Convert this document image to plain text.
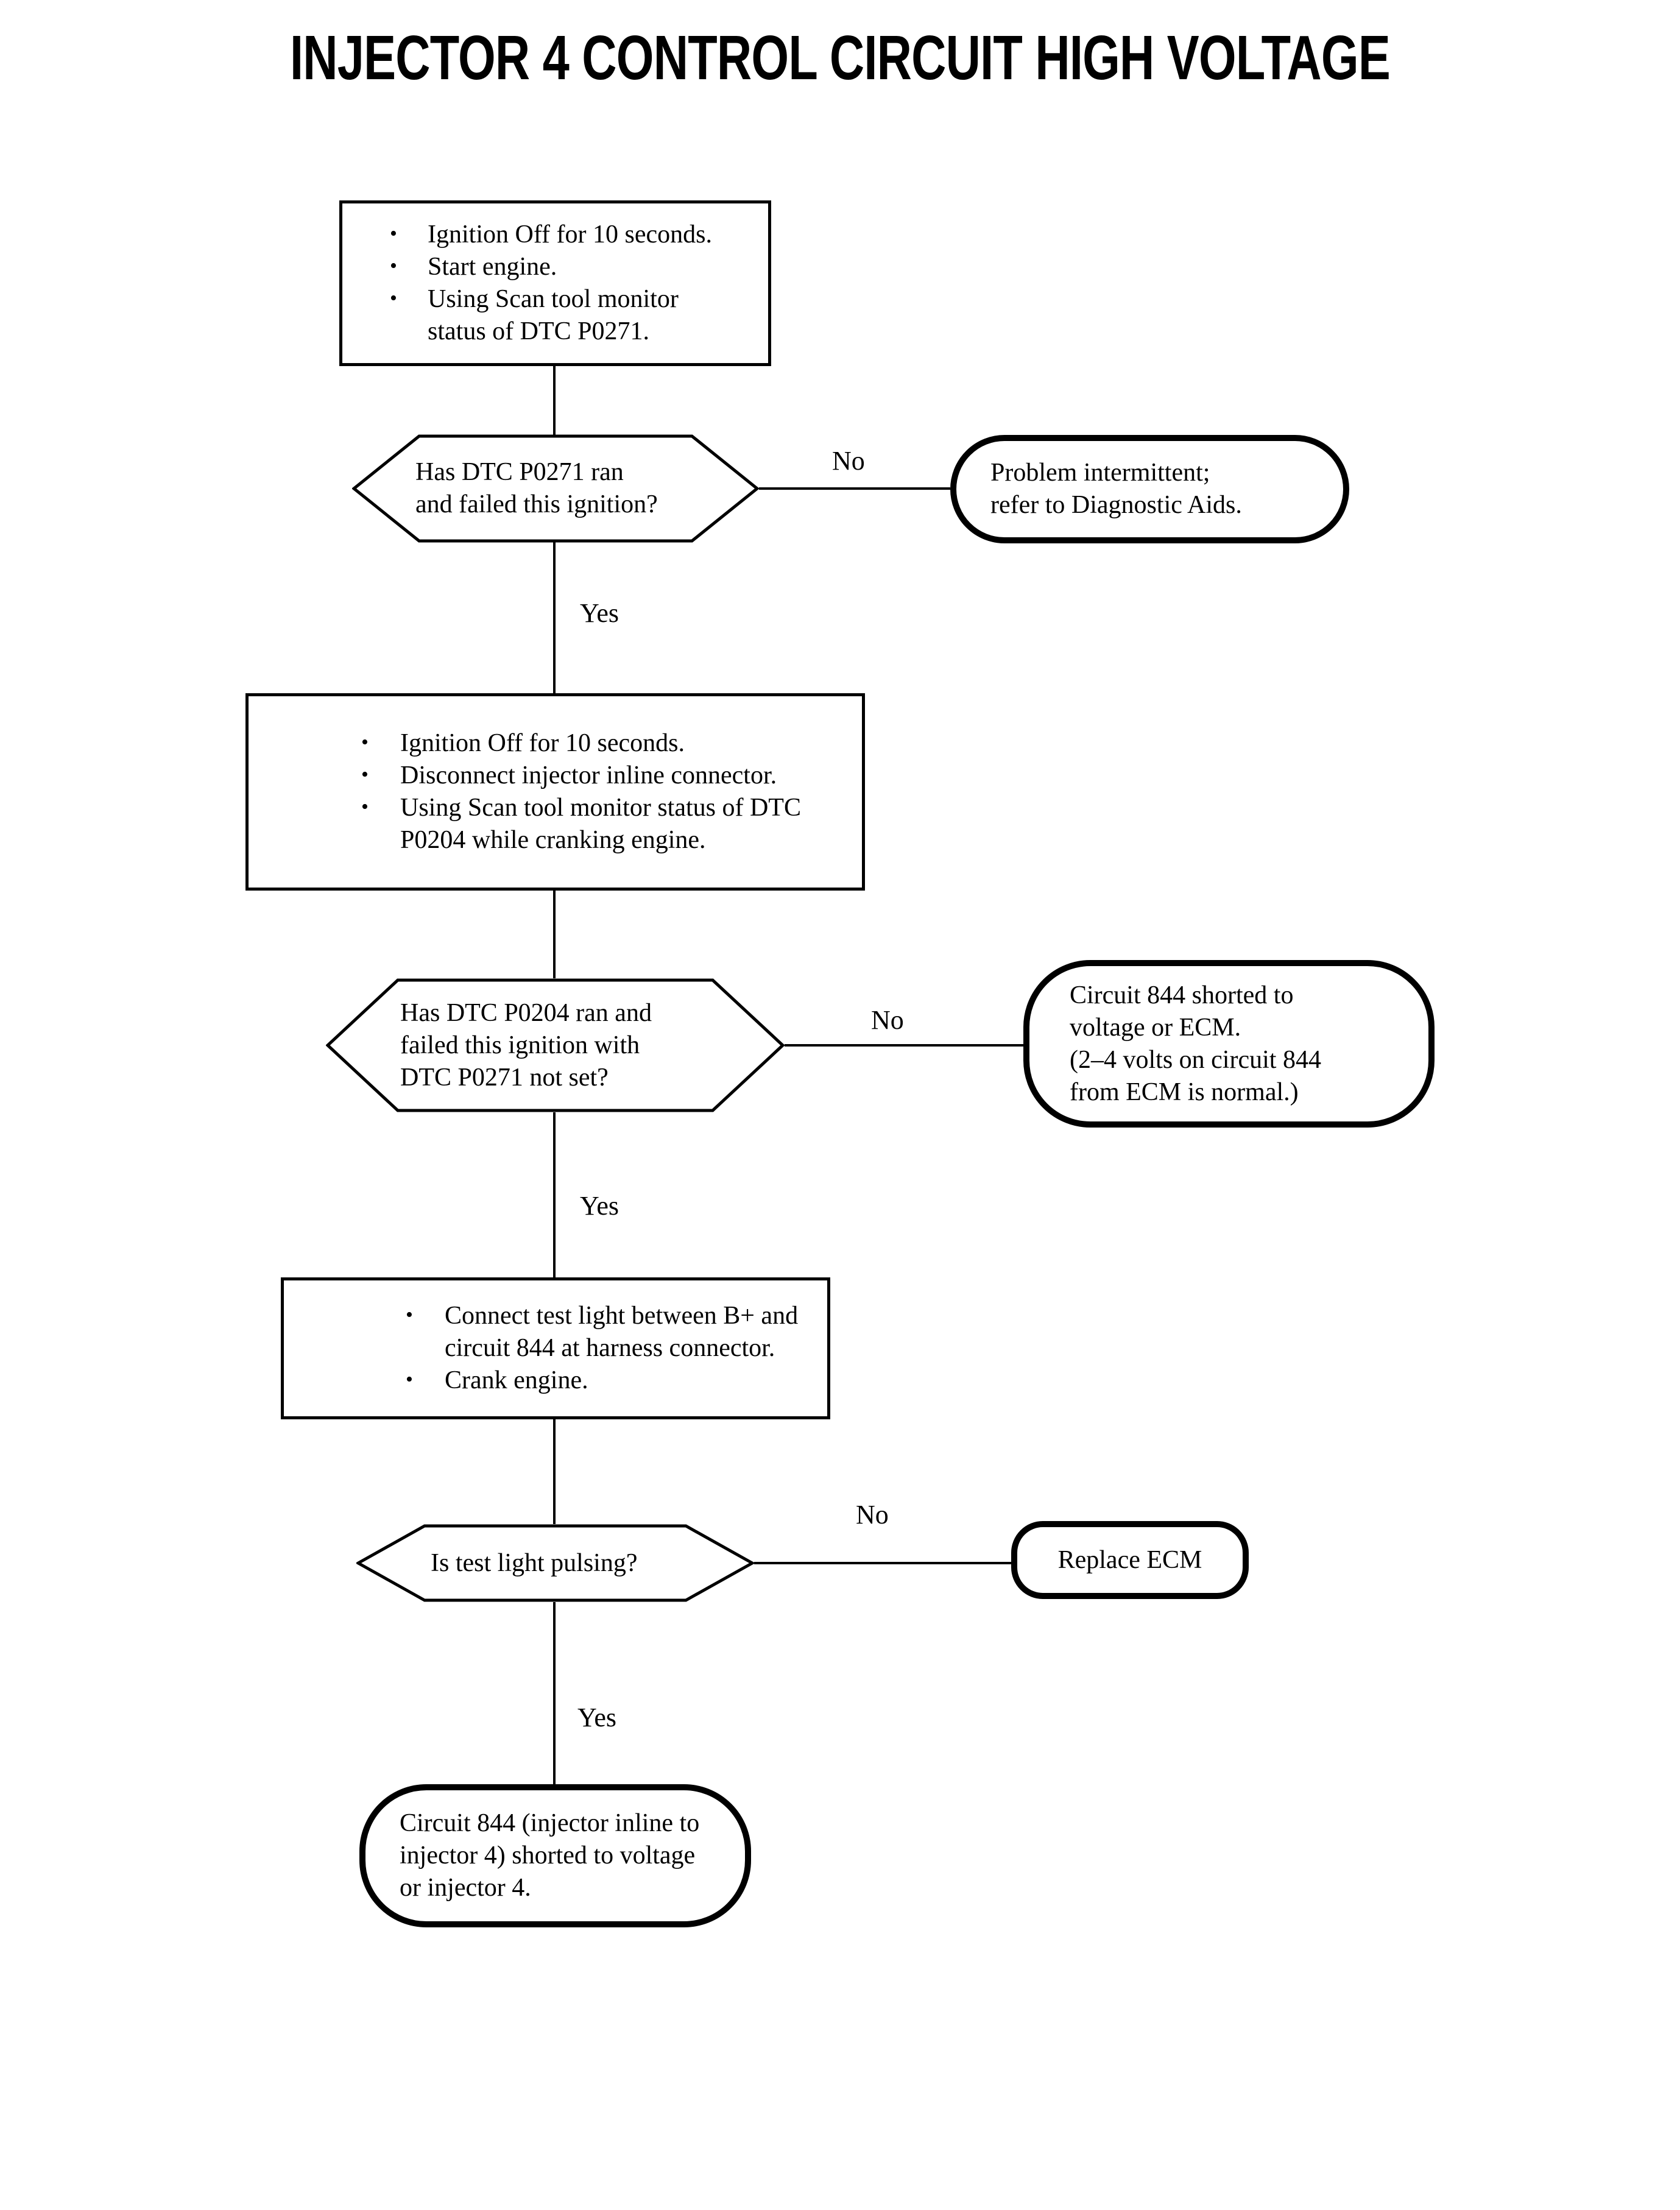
INJECTOR 4 CONTROL CIRCUIT HIGH VOLTAGE
• Ignition Off for 10 seconds.
• Start engine.
• Using Scan tool monitor status of DTC P0271.
Has DTC P0271 ran
and failed this ignition?
No	Problem intermittent;
refer to Diagnostic Aids.
Yes
• Ignition Off for 10 seconds.
• Disconnect injector inline connector.
• Using Scan tool monitor status of DTC P0204 while cranking engine.
Has DTC P0204 ran and
failed this ignition with
DTC P0271 not set?
No
Circuit 844 shorted to
voltage or ECM.
(2–4 volts on circuit 844
from ECM is normal.)
Yes
• Connect test light between B+ and circuit 844 at harness connector.
• Crank engine.
Is test light pulsing?
No
Replace ECM
Yes
Circuit 844 (injector inline to
injector 4) shorted to voltage
or injector 4.
